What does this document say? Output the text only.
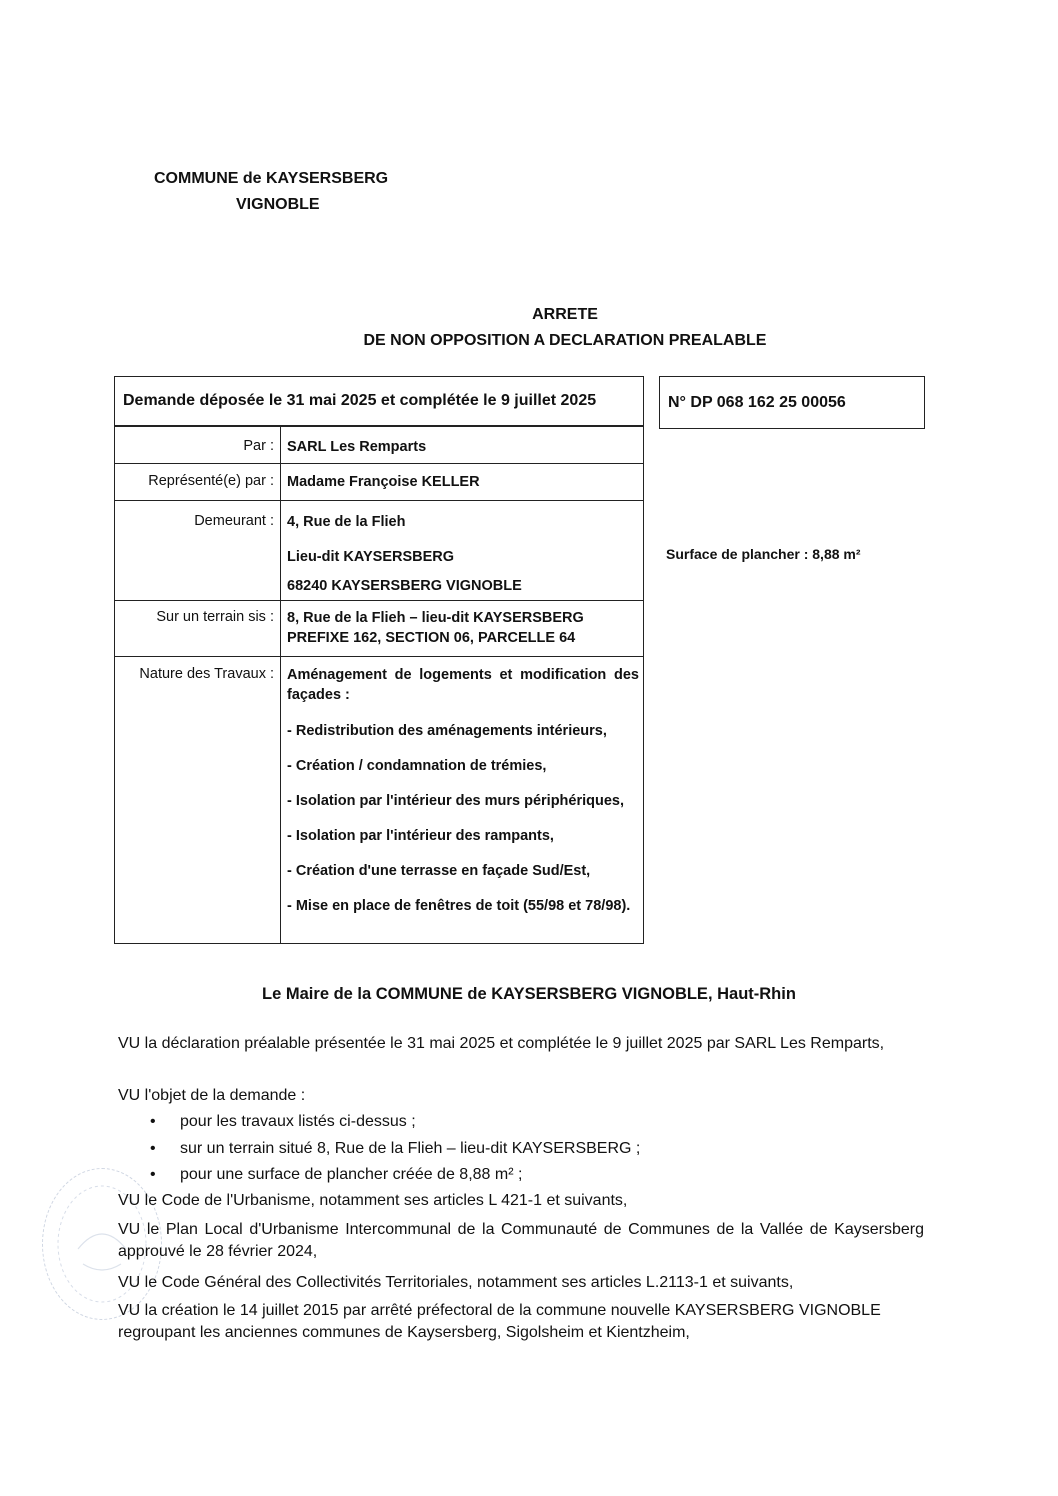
COMMUNE de KAYSERSBERG
VIGNOBLE
ARRETE
DE NON OPPOSITION A DECLARATION PREALABLE
Demande déposée le 31 mai 2025 et complétée le 9 juillet 2025	N° DP 068 162 25 00056
Par : SARL Les Remparts
Représenté(e) par : Madame Françoise KELLER
Demeurant : 4, Rue de la Flieh
Lieu-dit KAYSERSBERG
68240 KAYSERSBERG VIGNOBLE
Sur un terrain sis : 8, Rue de la Flieh – lieu-dit KAYSERSBERG
PREFIXE 162, SECTION 06, PARCELLE 64
Nature des Travaux : Aménagement de logements et modification des façades :
- Redistribution des aménagements intérieurs,
- Création / condamnation de trémies,
- Isolation par l'intérieur des murs périphériques,
- Isolation par l'intérieur des rampants,
- Création d'une terrasse en façade Sud/Est,
- Mise en place de fenêtres de toit (55/98 et 78/98).
Surface de plancher : 8,88 m²
Le Maire de la COMMUNE de KAYSERSBERG VIGNOBLE, Haut-Rhin
VU la déclaration préalable présentée le 31 mai 2025 et complétée le 9 juillet 2025 par SARL Les Remparts,
VU l'objet de la demande :
• pour les travaux listés ci-dessus ;
• sur un terrain situé 8, Rue de la Flieh – lieu-dit KAYSERSBERG ;
• pour une surface de plancher créée de 8,88 m² ;
VU le Code de l'Urbanisme, notamment ses articles L 421-1 et suivants,
VU le Plan Local d'Urbanisme Intercommunal de la Communauté de Communes de la Vallée de Kaysersberg approuvé le 28 février 2024,
VU le Code Général des Collectivités Territoriales, notamment ses articles L.2113-1 et suivants,
VU la création le 14 juillet 2015 par arrêté préfectoral de la commune nouvelle KAYSERSBERG VIGNOBLE regroupant les anciennes communes de Kaysersberg, Sigolsheim et Kientzheim,
